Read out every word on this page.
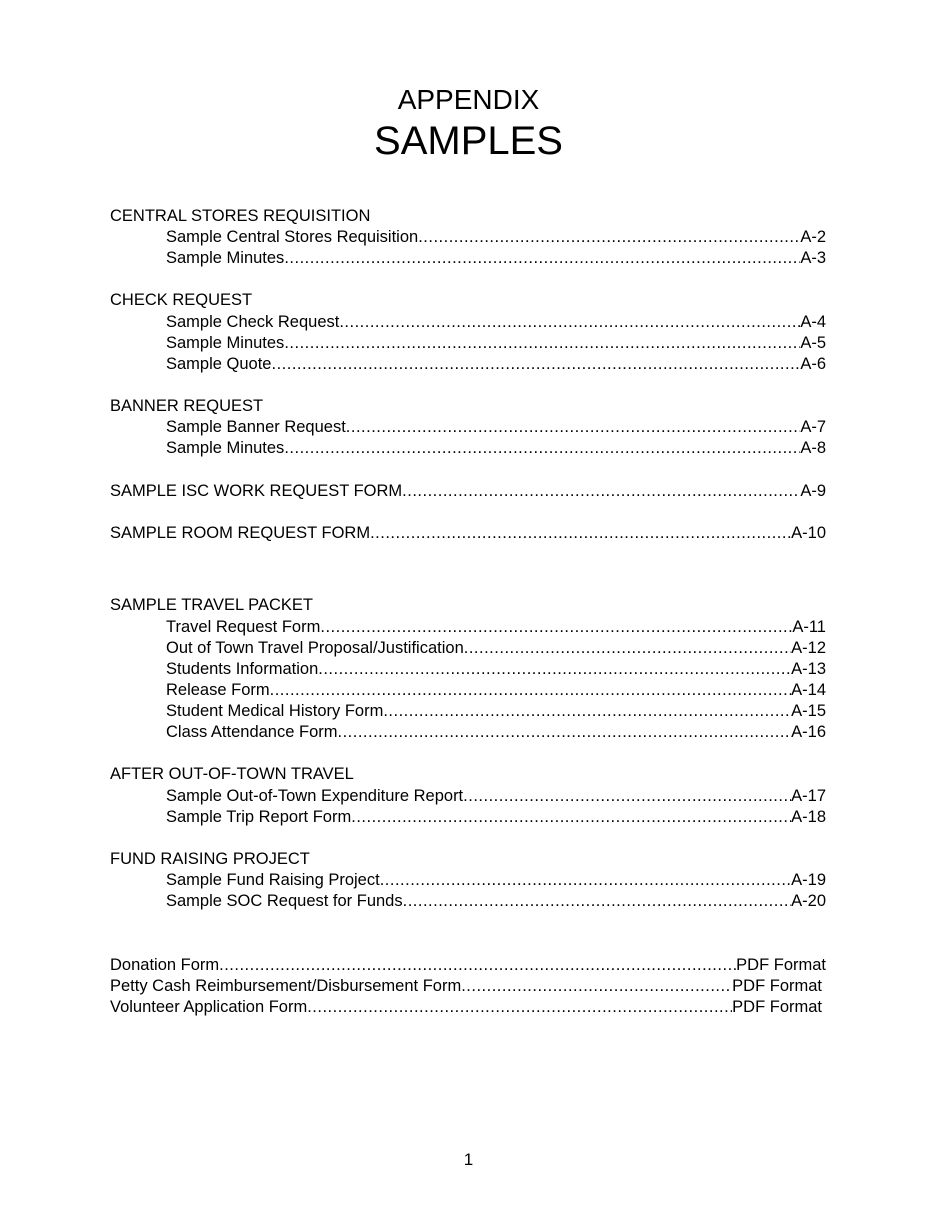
APPENDIX
SAMPLES
CENTRAL STORES REQUISITION
Sample Central Stores Requisition .....	A-2
Sample Minutes .....	A-3
CHECK REQUEST
Sample Check Request .....	A-4
Sample Minutes .....	A-5
Sample Quote .....	A-6
BANNER REQUEST
Sample Banner Request .....	A-7
Sample Minutes .....	A-8
SAMPLE ISC WORK REQUEST FORM .....	A-9
SAMPLE ROOM REQUEST FORM .....	A-10
SAMPLE TRAVEL PACKET
Travel Request Form .....	A-11
Out of Town Travel Proposal/Justification .....	A-12
Students Information .....	A-13
Release Form .....	A-14
Student Medical History Form .....	A-15
Class Attendance Form .....	A-16
AFTER OUT-OF-TOWN TRAVEL
Sample Out-of-Town Expenditure Report .....	A-17
Sample Trip Report Form .....	A-18
FUND RAISING PROJECT
Sample Fund Raising Project .....	A-19
Sample SOC Request for Funds .....	A-20
Donation Form .....	PDF Format
Petty Cash Reimbursement/Disbursement Form .....	PDF Format
Volunteer Application Form .....	PDF Format
1
